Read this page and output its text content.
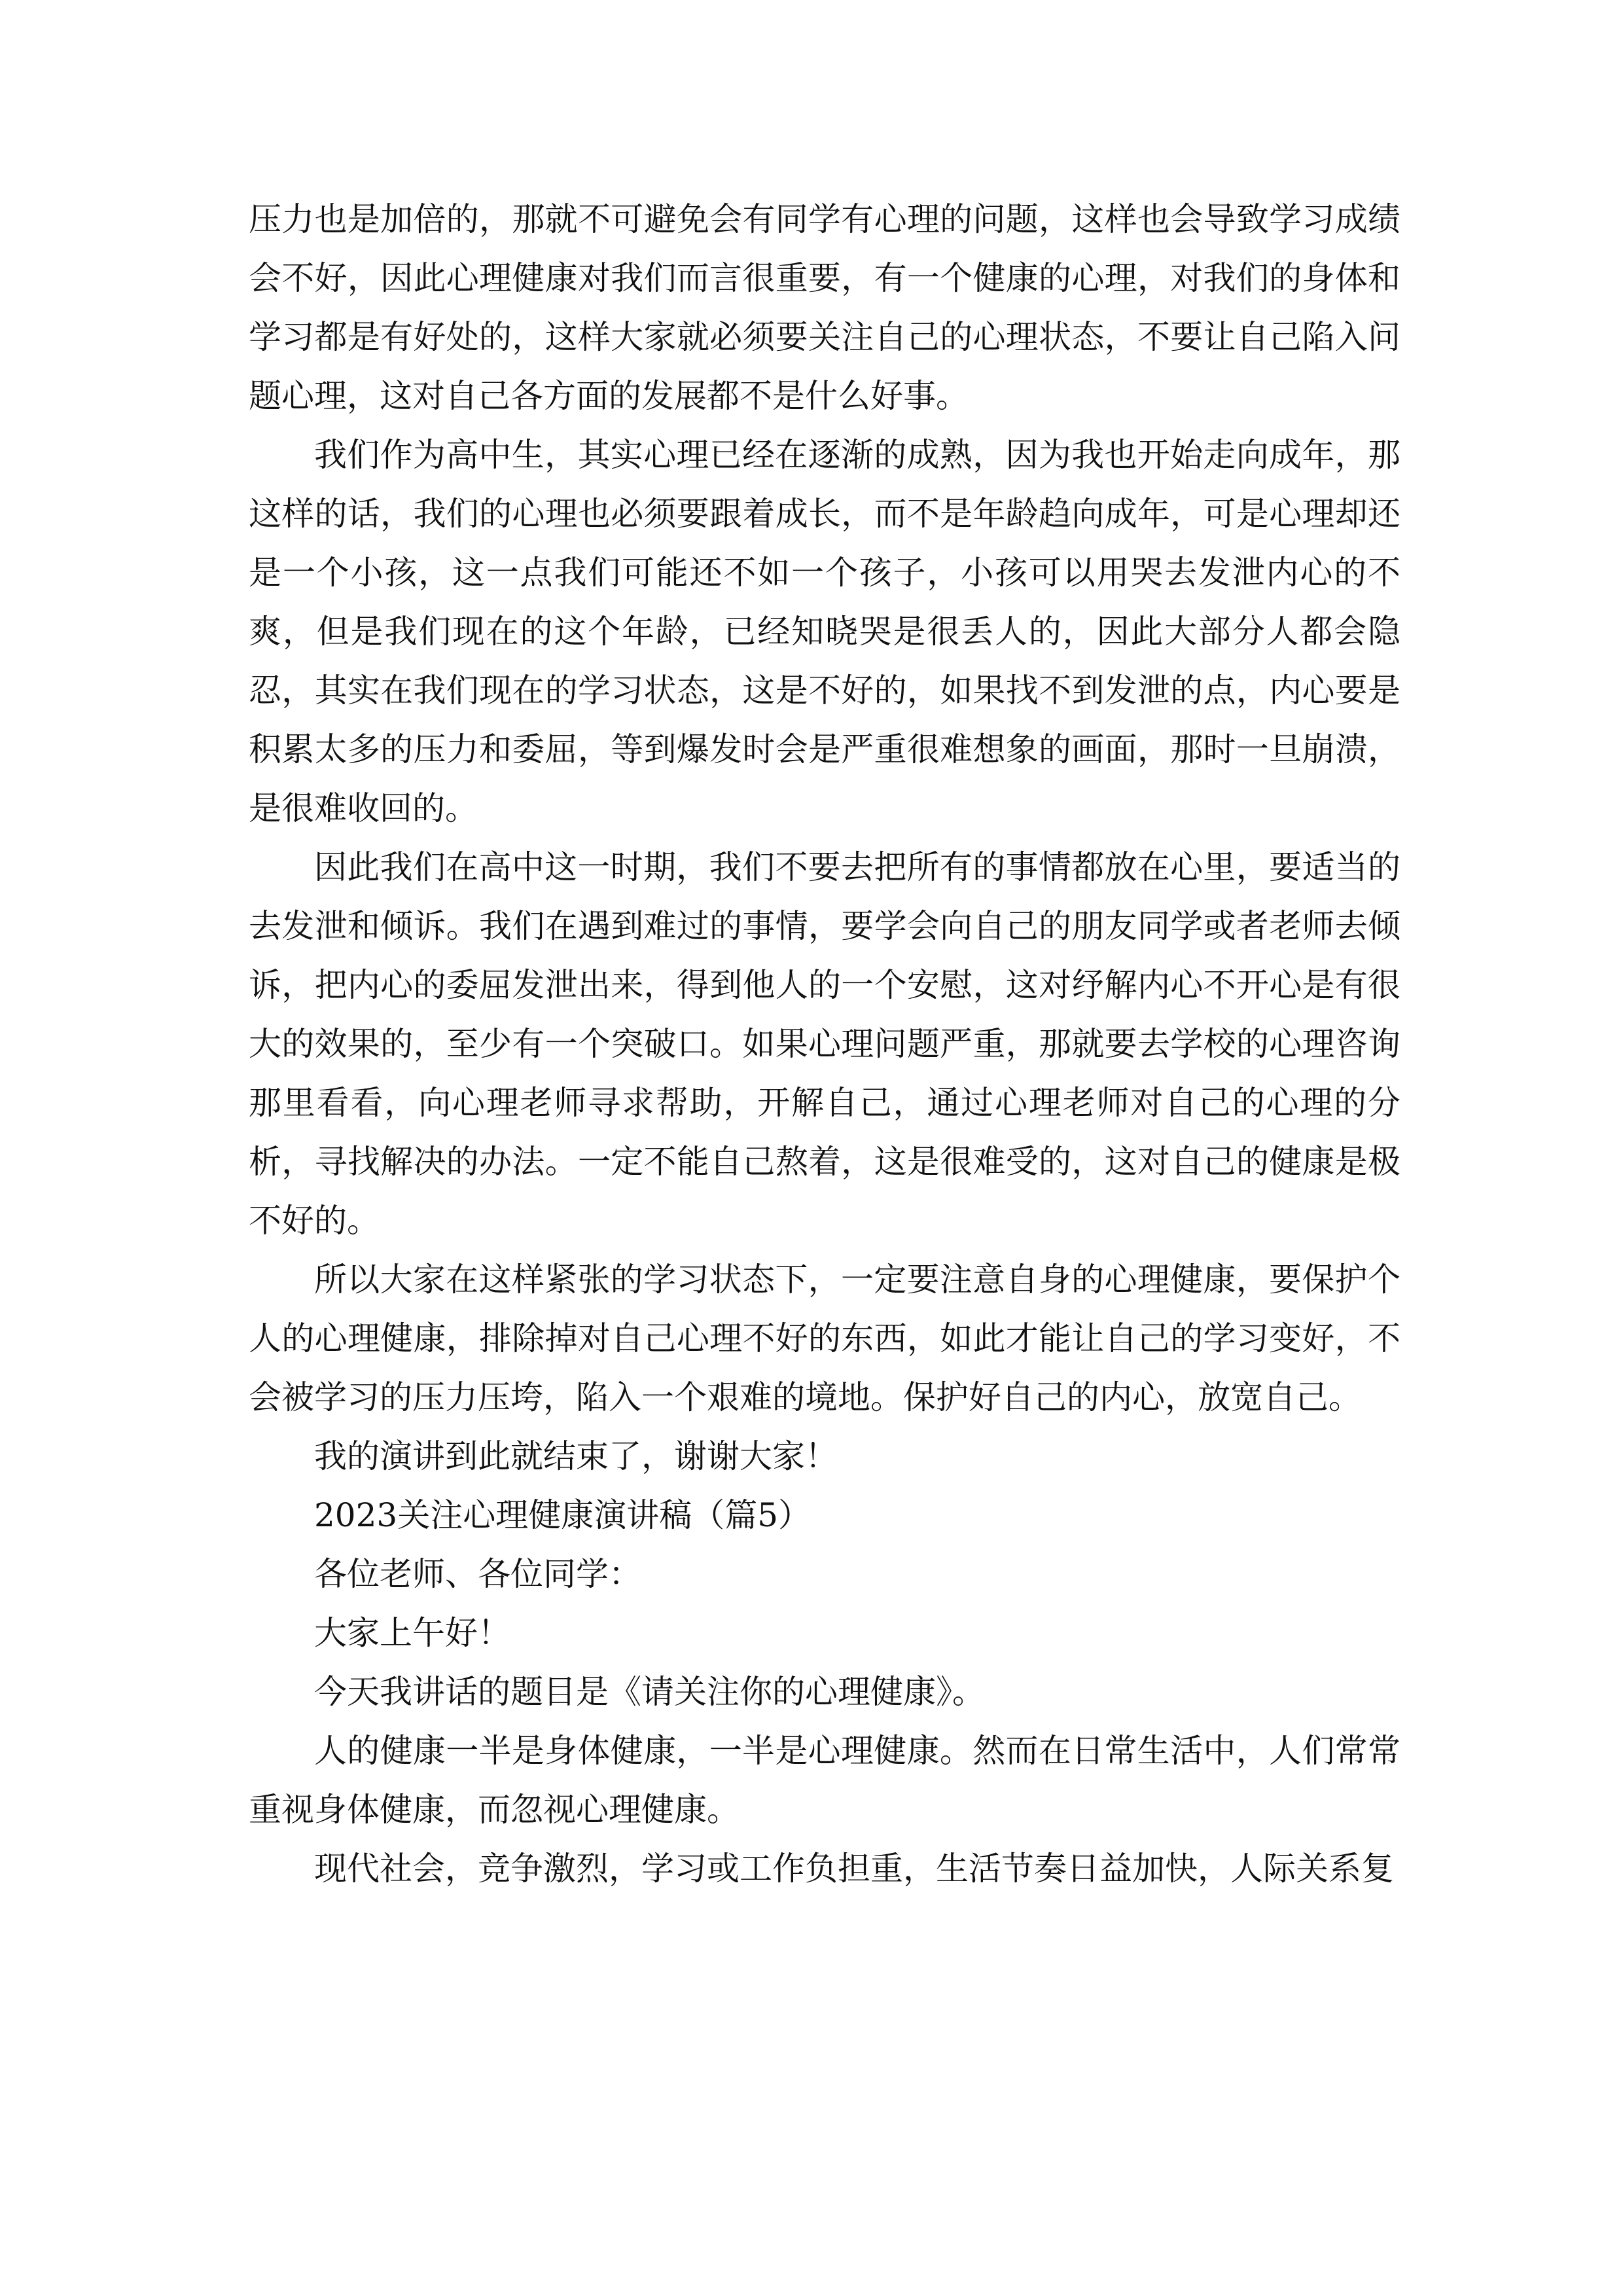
压力也是加倍的，那就不可避免会有同学有心理的问题，这样也会导致学习成绩会不好，因此心理健康对我们而言很重要，有一个健康的心理，对我们的身体和学习都是有好处的，这样大家就必须要关注自己的心理状态，不要让自己陷入问题心理，这对自己各方面的发展都不是什么好事。

我们作为高中生，其实心理已经在逐渐的成熟，因为我也开始走向成年，那这样的话，我们的心理也必须要跟着成长，而不是年龄趋向成年，可是心理却还是一个小孩，这一点我们可能还不如一个孩子，小孩可以用哭去发泄内心的不爽，但是我们现在的这个年龄，已经知晓哭是很丢人的，因此大部分人都会隐忍，其实在我们现在的学习状态，这是不好的，如果找不到发泄的点，内心要是积累太多的压力和委屈，等到爆发时会是严重很难想象的画面，那时一旦崩溃，是很难收回的。

因此我们在高中这一时期，我们不要去把所有的事情都放在心里，要适当的去发泄和倾诉。我们在遇到难过的事情，要学会向自己的朋友同学或者老师去倾诉，把内心的委屈发泄出来，得到他人的一个安慰，这对纾解内心不开心是有很大的效果的，至少有一个突破口。如果心理问题严重，那就要去学校的心理咨询那里看看，向心理老师寻求帮助，开解自己，通过心理老师对自己的心理的分析，寻找解决的办法。一定不能自己熬着，这是很难受的，这对自己的健康是极不好的。

所以大家在这样紧张的学习状态下，一定要注意自身的心理健康，要保护个人的心理健康，排除掉对自己心理不好的东西，如此才能让自己的学习变好，不会被学习的压力压垮，陷入一个艰难的境地。保护好自己的内心，放宽自己。

我的演讲到此就结束了，谢谢大家！

2023关注心理健康演讲稿（篇5）

各位老师、各位同学：

大家上午好！

今天我讲话的题目是《请关注你的心理健康》。

人的健康一半是身体健康，一半是心理健康。然而在日常生活中，人们常常重视身体健康，而忽视心理健康。

现代社会，竞争激烈，学习或工作负担重，生活节奏日益加快，人际关系复
